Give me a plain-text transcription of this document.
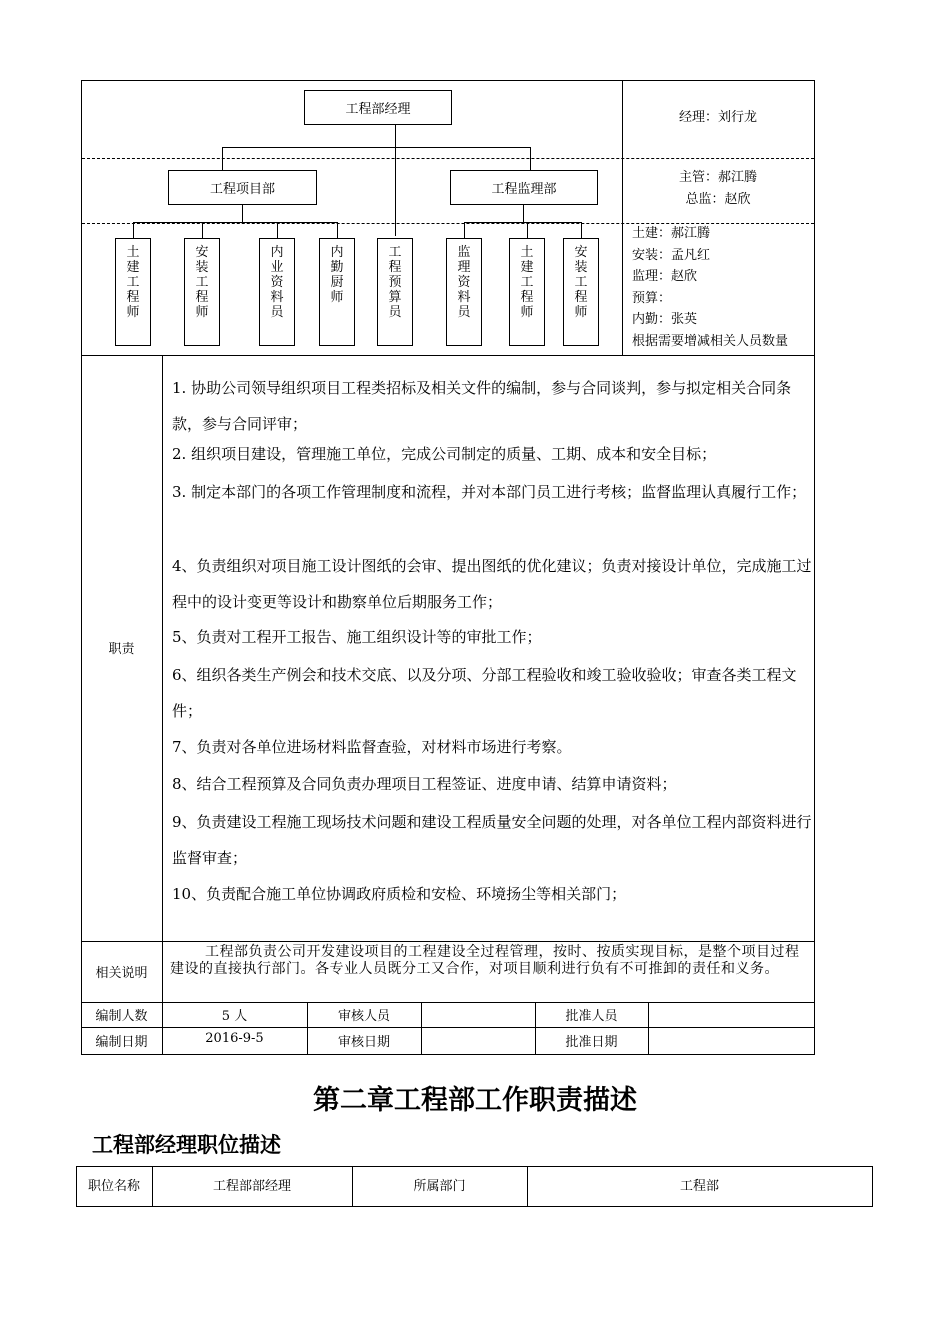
工程部经理
工程项目部	工程监理部
土建工程师
安装工程师
内业资料员
内勤厨师
工程预算员
监理资料员
土建工程师
安装工程师
经理：刘行龙
主管：郝江腾
总监：赵欣
土建：郝江腾
安装：孟凡红
监理：赵欣
预算：
内勤：张英
根据需要增减相关人员数量
职责
1. 协助公司领导组织项目工程类招标及相关文件的编制，参与合同谈判，参与拟定相关合同条款，参与合同评审；
2. 组织项目建设，管理施工单位，完成公司制定的质量、工期、成本和安全目标；
3. 制定本部门的各项工作管理制度和流程，并对本部门员工进行考核；监督监理认真履行工作；
4、负责组织对项目施工设计图纸的会审、提出图纸的优化建议；负责对接设计单位，完成施工过程中的设计变更等设计和勘察单位后期服务工作；
5、负责对工程开工报告、施工组织设计等的审批工作；
6、组织各类生产例会和技术交底、以及分项、分部工程验收和竣工验收验收；审查各类工程文件；
7、负责对各单位进场材料监督查验，对材料市场进行考察。
8、结合工程预算及合同负责办理项目工程签证、进度申请、结算申请资料；
9、负责建设工程施工现场技术问题和建设工程质量安全问题的处理，对各单位工程内部资料进行监督审查；
10、负责配合施工单位协调政府质检和安检、环境扬尘等相关部门；
相关说明
工程部负责公司开发建设项目的工程建设全过程管理，按时、按质实现目标，是整个项目过程建设的直接执行部门。各专业人员既分工又合作，对项目顺利进行负有不可推卸的责任和义务。
编制人数	5 人	审核人员	批准人员
编制日期	2016-9-5	审核日期	批准日期
第二章工程部工作职责描述
工程部经理职位描述
职位名称	工程部部经理	所属部门	工程部
